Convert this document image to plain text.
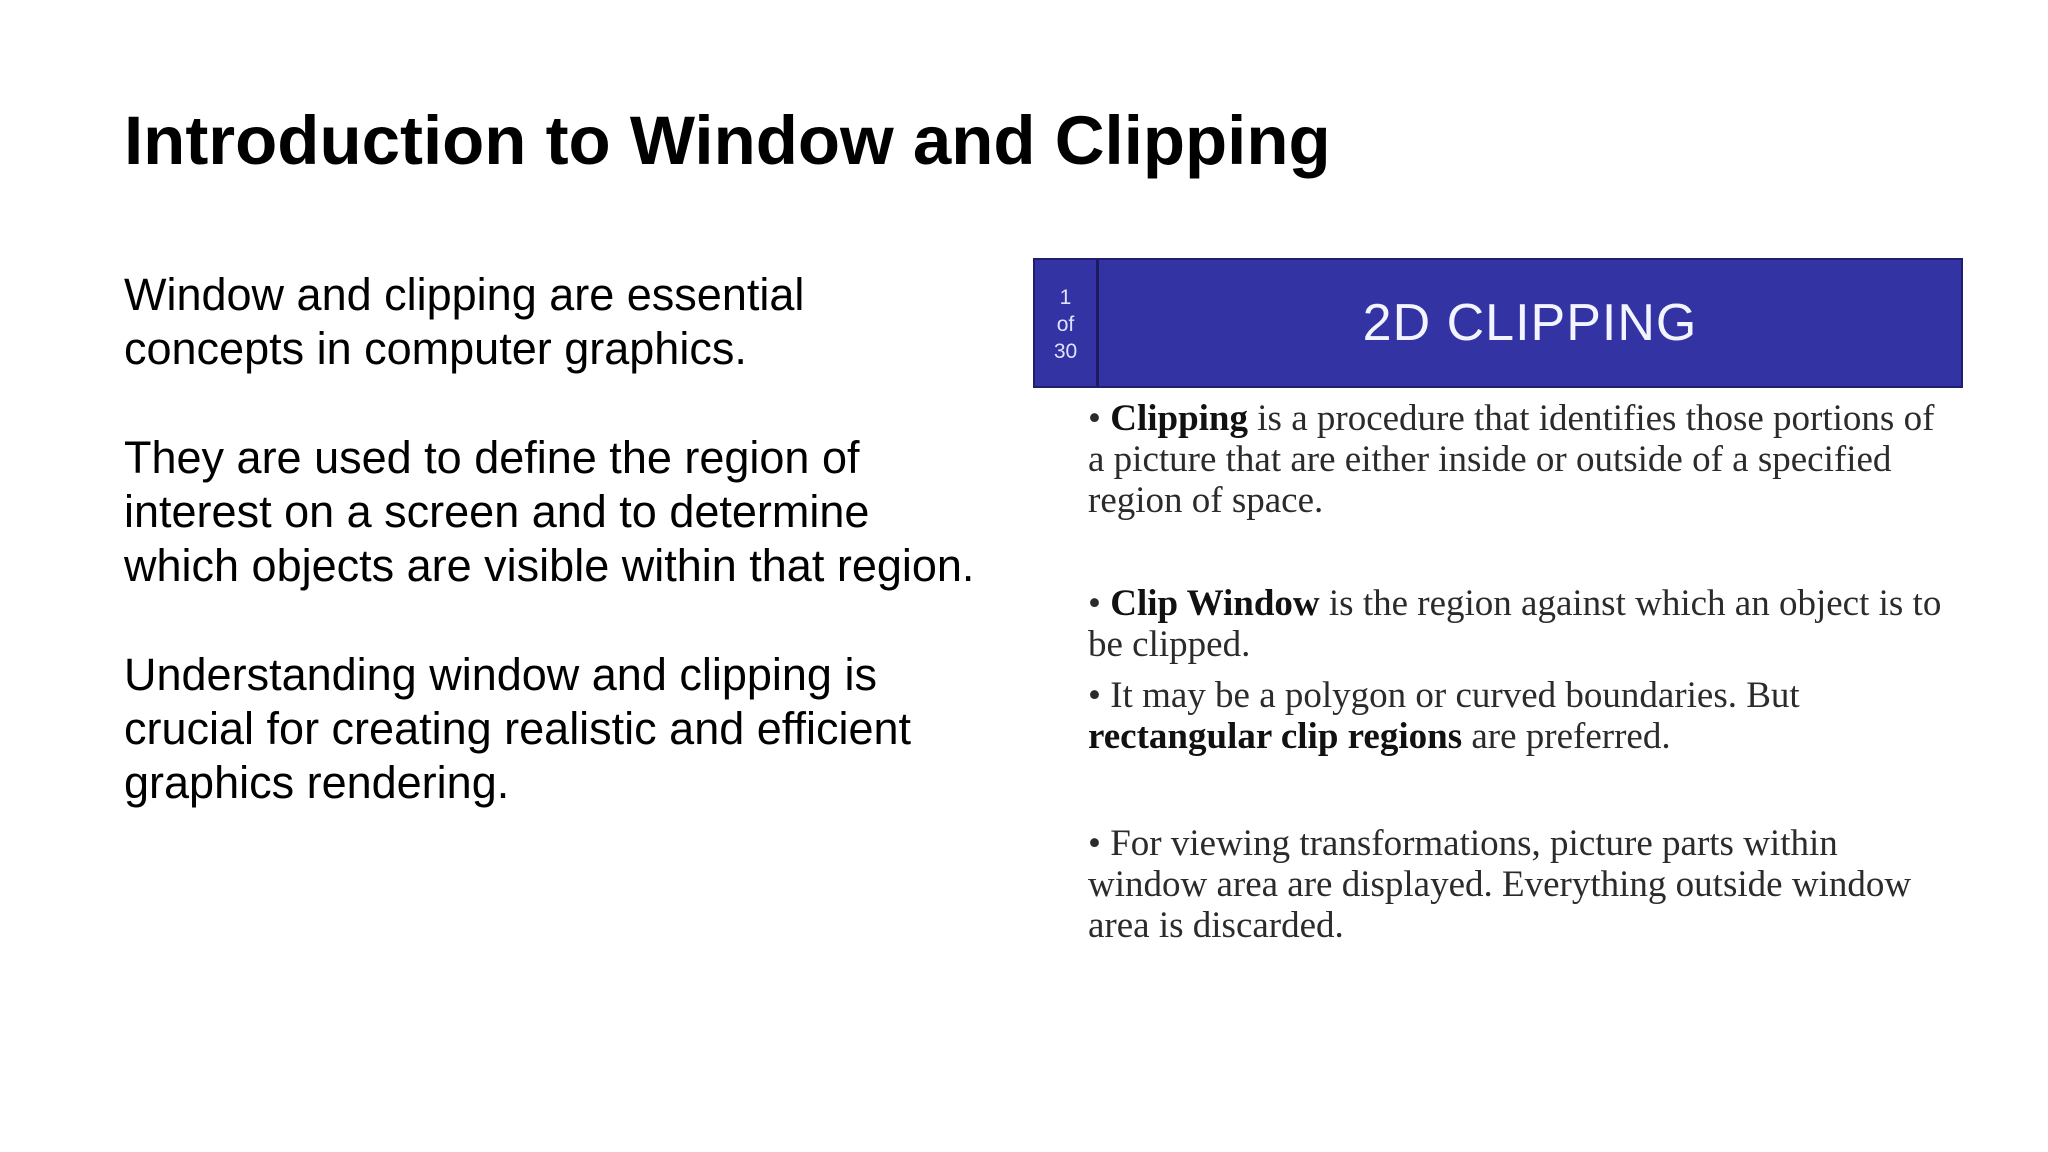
Introduction to Window and Clipping

Window and clipping are essential
concepts in computer graphics.

They are used to define the region of
interest on a screen and to determine
which objects are visible within that region.

Understanding window and clipping is
crucial for creating realistic and efficient
graphics rendering.

1
of
30	2D CLIPPING

• Clipping is a procedure that identifies those portions of a picture that are either inside or outside of a specified region of space.

• Clip Window is the region against which an object is to be clipped.

• It may be a polygon or curved boundaries. But rectangular clip regions are preferred.

• For viewing transformations, picture parts within window area are displayed. Everything outside window area is discarded.
